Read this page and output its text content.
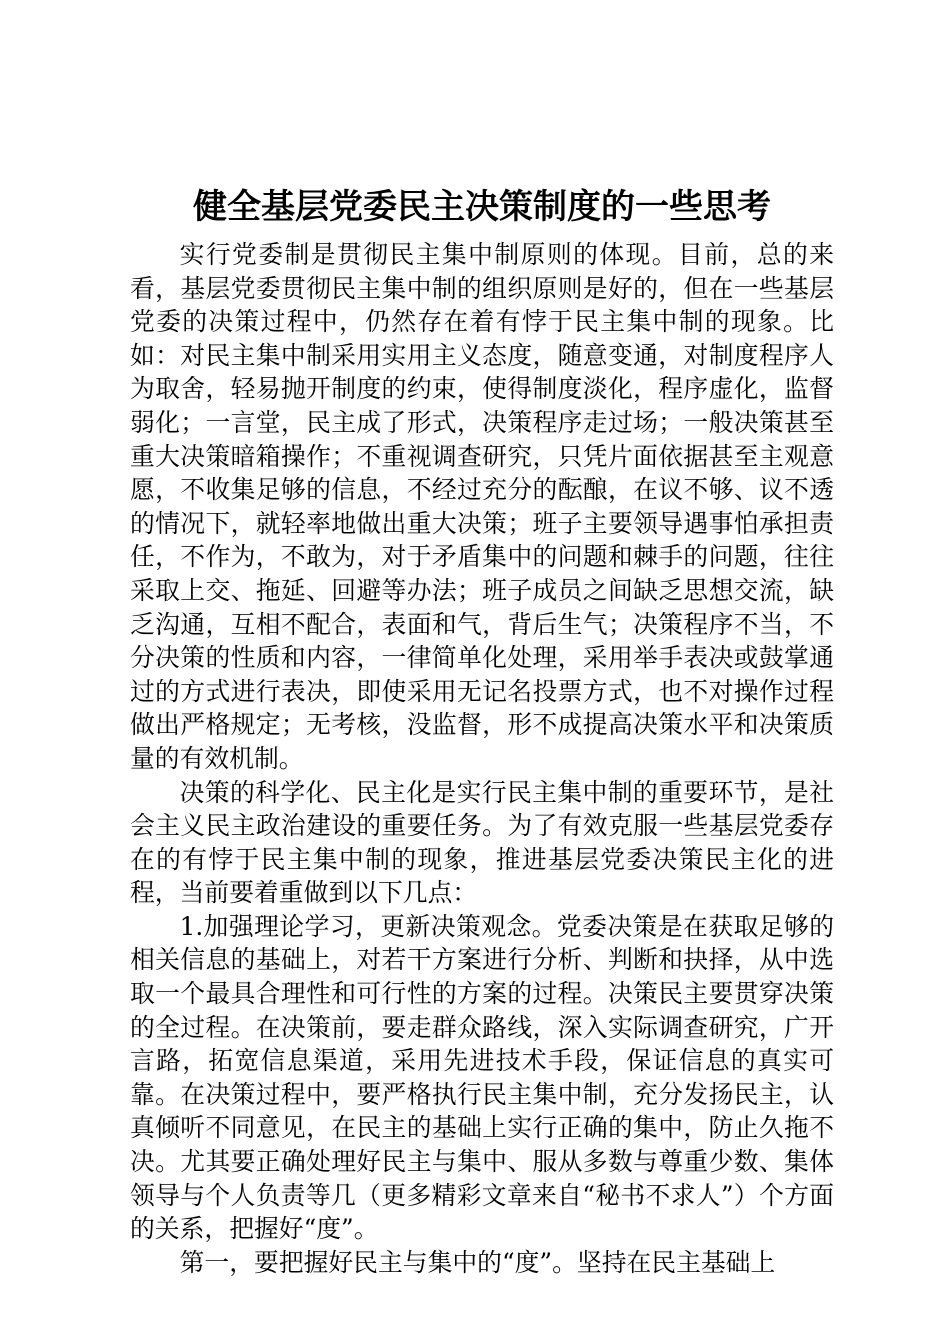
健全基层党委民主决策制度的一些思考

实行党委制是贯彻民主集中制原则的体现。目前，总的来看，基层党委贯彻民主集中制的组织原则是好的，但在一些基层党委的决策过程中，仍然存在着有悖于民主集中制的现象。比如：对民主集中制采用实用主义态度，随意变通，对制度程序人为取舍，轻易抛开制度的约束，使得制度淡化，程序虚化，监督弱化；一言堂，民主成了形式，决策程序走过场；一般决策甚至重大决策暗箱操作；不重视调查研究，只凭片面依据甚至主观意愿，不收集足够的信息，不经过充分的酝酿，在议不够、议不透的情况下，就轻率地做出重大决策；班子主要领导遇事怕承担责任，不作为，不敢为，对于矛盾集中的问题和棘手的问题，往往采取上交、拖延、回避等办法；班子成员之间缺乏思想交流，缺乏沟通，互相不配合，表面和气，背后生气；决策程序不当，不分决策的性质和内容，一律简单化处理，采用举手表决或鼓掌通过的方式进行表决，即使采用无记名投票方式，也不对操作过程做出严格规定；无考核，没监督，形不成提高决策水平和决策质量的有效机制。

决策的科学化、民主化是实行民主集中制的重要环节，是社会主义民主政治建设的重要任务。为了有效克服一些基层党委存在的有悖于民主集中制的现象，推进基层党委决策民主化的进程，当前要着重做到以下几点：

1.加强理论学习，更新决策观念。党委决策是在获取足够的相关信息的基础上，对若干方案进行分析、判断和抉择，从中选取一个最具合理性和可行性的方案的过程。决策民主要贯穿决策的全过程。在决策前，要走群众路线，深入实际调查研究，广开言路，拓宽信息渠道，采用先进技术手段，保证信息的真实可靠。在决策过程中，要严格执行民主集中制，充分发扬民主，认真倾听不同意见，在民主的基础上实行正确的集中，防止久拖不决。尤其要正确处理好民主与集中、服从多数与尊重少数、集体领导与个人负责等几（更多精彩文章来自“秘书不求人”）个方面的关系，把握好“度”。

第一，要把握好民主与集中的“度”。坚持在民主基础上
